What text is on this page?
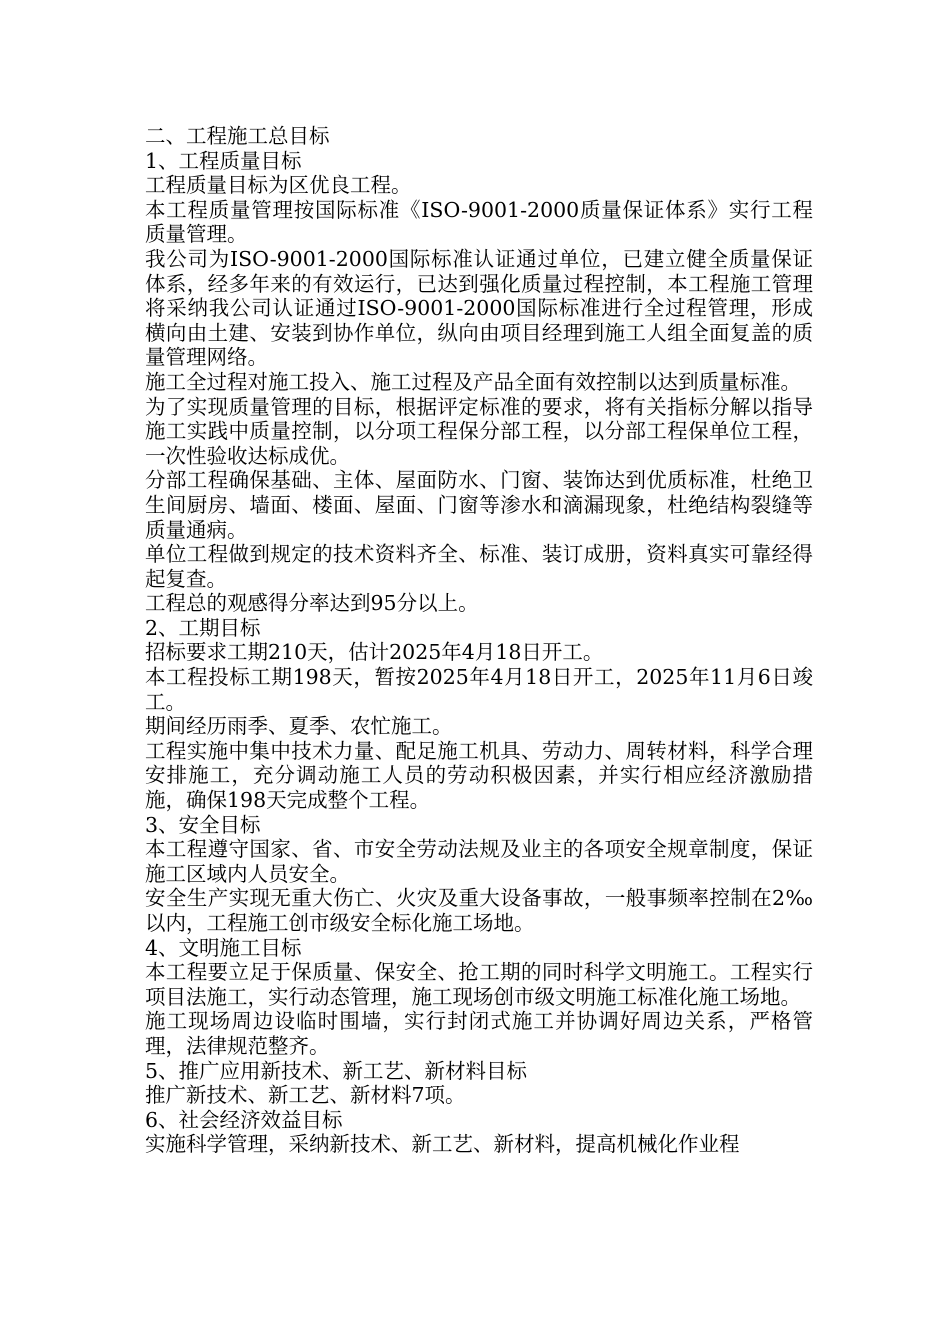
二、工程施工总目标

1、工程质量目标

工程质量目标为区优良工程。

本工程质量管理按国际标准《ISO-9001-2000质量保证体系》实行工程质量管理。

我公司为ISO-9001-2000国际标准认证通过单位，已建立健全质量保证体系，经多年来的有效运行，已达到强化质量过程控制，本工程施工管理将采纳我公司认证通过ISO-9001-2000国际标准进行全过程管理，形成横向由土建、安装到协作单位，纵向由项目经理到施工人组全面复盖的质量管理网络。

施工全过程对施工投入、施工过程及产品全面有效控制以达到质量标准。

为了实现质量管理的目标，根据评定标准的要求，将有关指标分解以指导施工实践中质量控制，以分项工程保分部工程，以分部工程保单位工程，一次性验收达标成优。

分部工程确保基础、主体、屋面防水、门窗、装饰达到优质标准，杜绝卫生间厨房、墙面、楼面、屋面、门窗等渗水和滴漏现象，杜绝结构裂缝等质量通病。

单位工程做到规定的技术资料齐全、标准、装订成册，资料真实可靠经得起复查。

工程总的观感得分率达到95分以上。

2、工期目标

招标要求工期210天，估计2025年4月18日开工。

本工程投标工期198天，暂按2025年4月18日开工，2025年11月6日竣工。

期间经历雨季、夏季、农忙施工。

工程实施中集中技术力量、配足施工机具、劳动力、周转材料，科学合理安排施工，充分调动施工人员的劳动积极因素，并实行相应经济激励措施，确保198天完成整个工程。

3、安全目标

本工程遵守国家、省、市安全劳动法规及业主的各项安全规章制度，保证施工区域内人员安全。

安全生产实现无重大伤亡、火灾及重大设备事故，一般事频率控制在2‰以内，工程施工创市级安全标化施工场地。

4、文明施工目标

本工程要立足于保质量、保安全、抢工期的同时科学文明施工。工程实行项目法施工，实行动态管理，施工现场创市级文明施工标准化施工场地。

施工现场周边设临时围墙，实行封闭式施工并协调好周边关系，严格管理，法律规范整齐。

5、推广应用新技术、新工艺、新材料目标

推广新技术、新工艺、新材料7项。

6、社会经济效益目标

实施科学管理，采纳新技术、新工艺、新材料，提高机械化作业程
